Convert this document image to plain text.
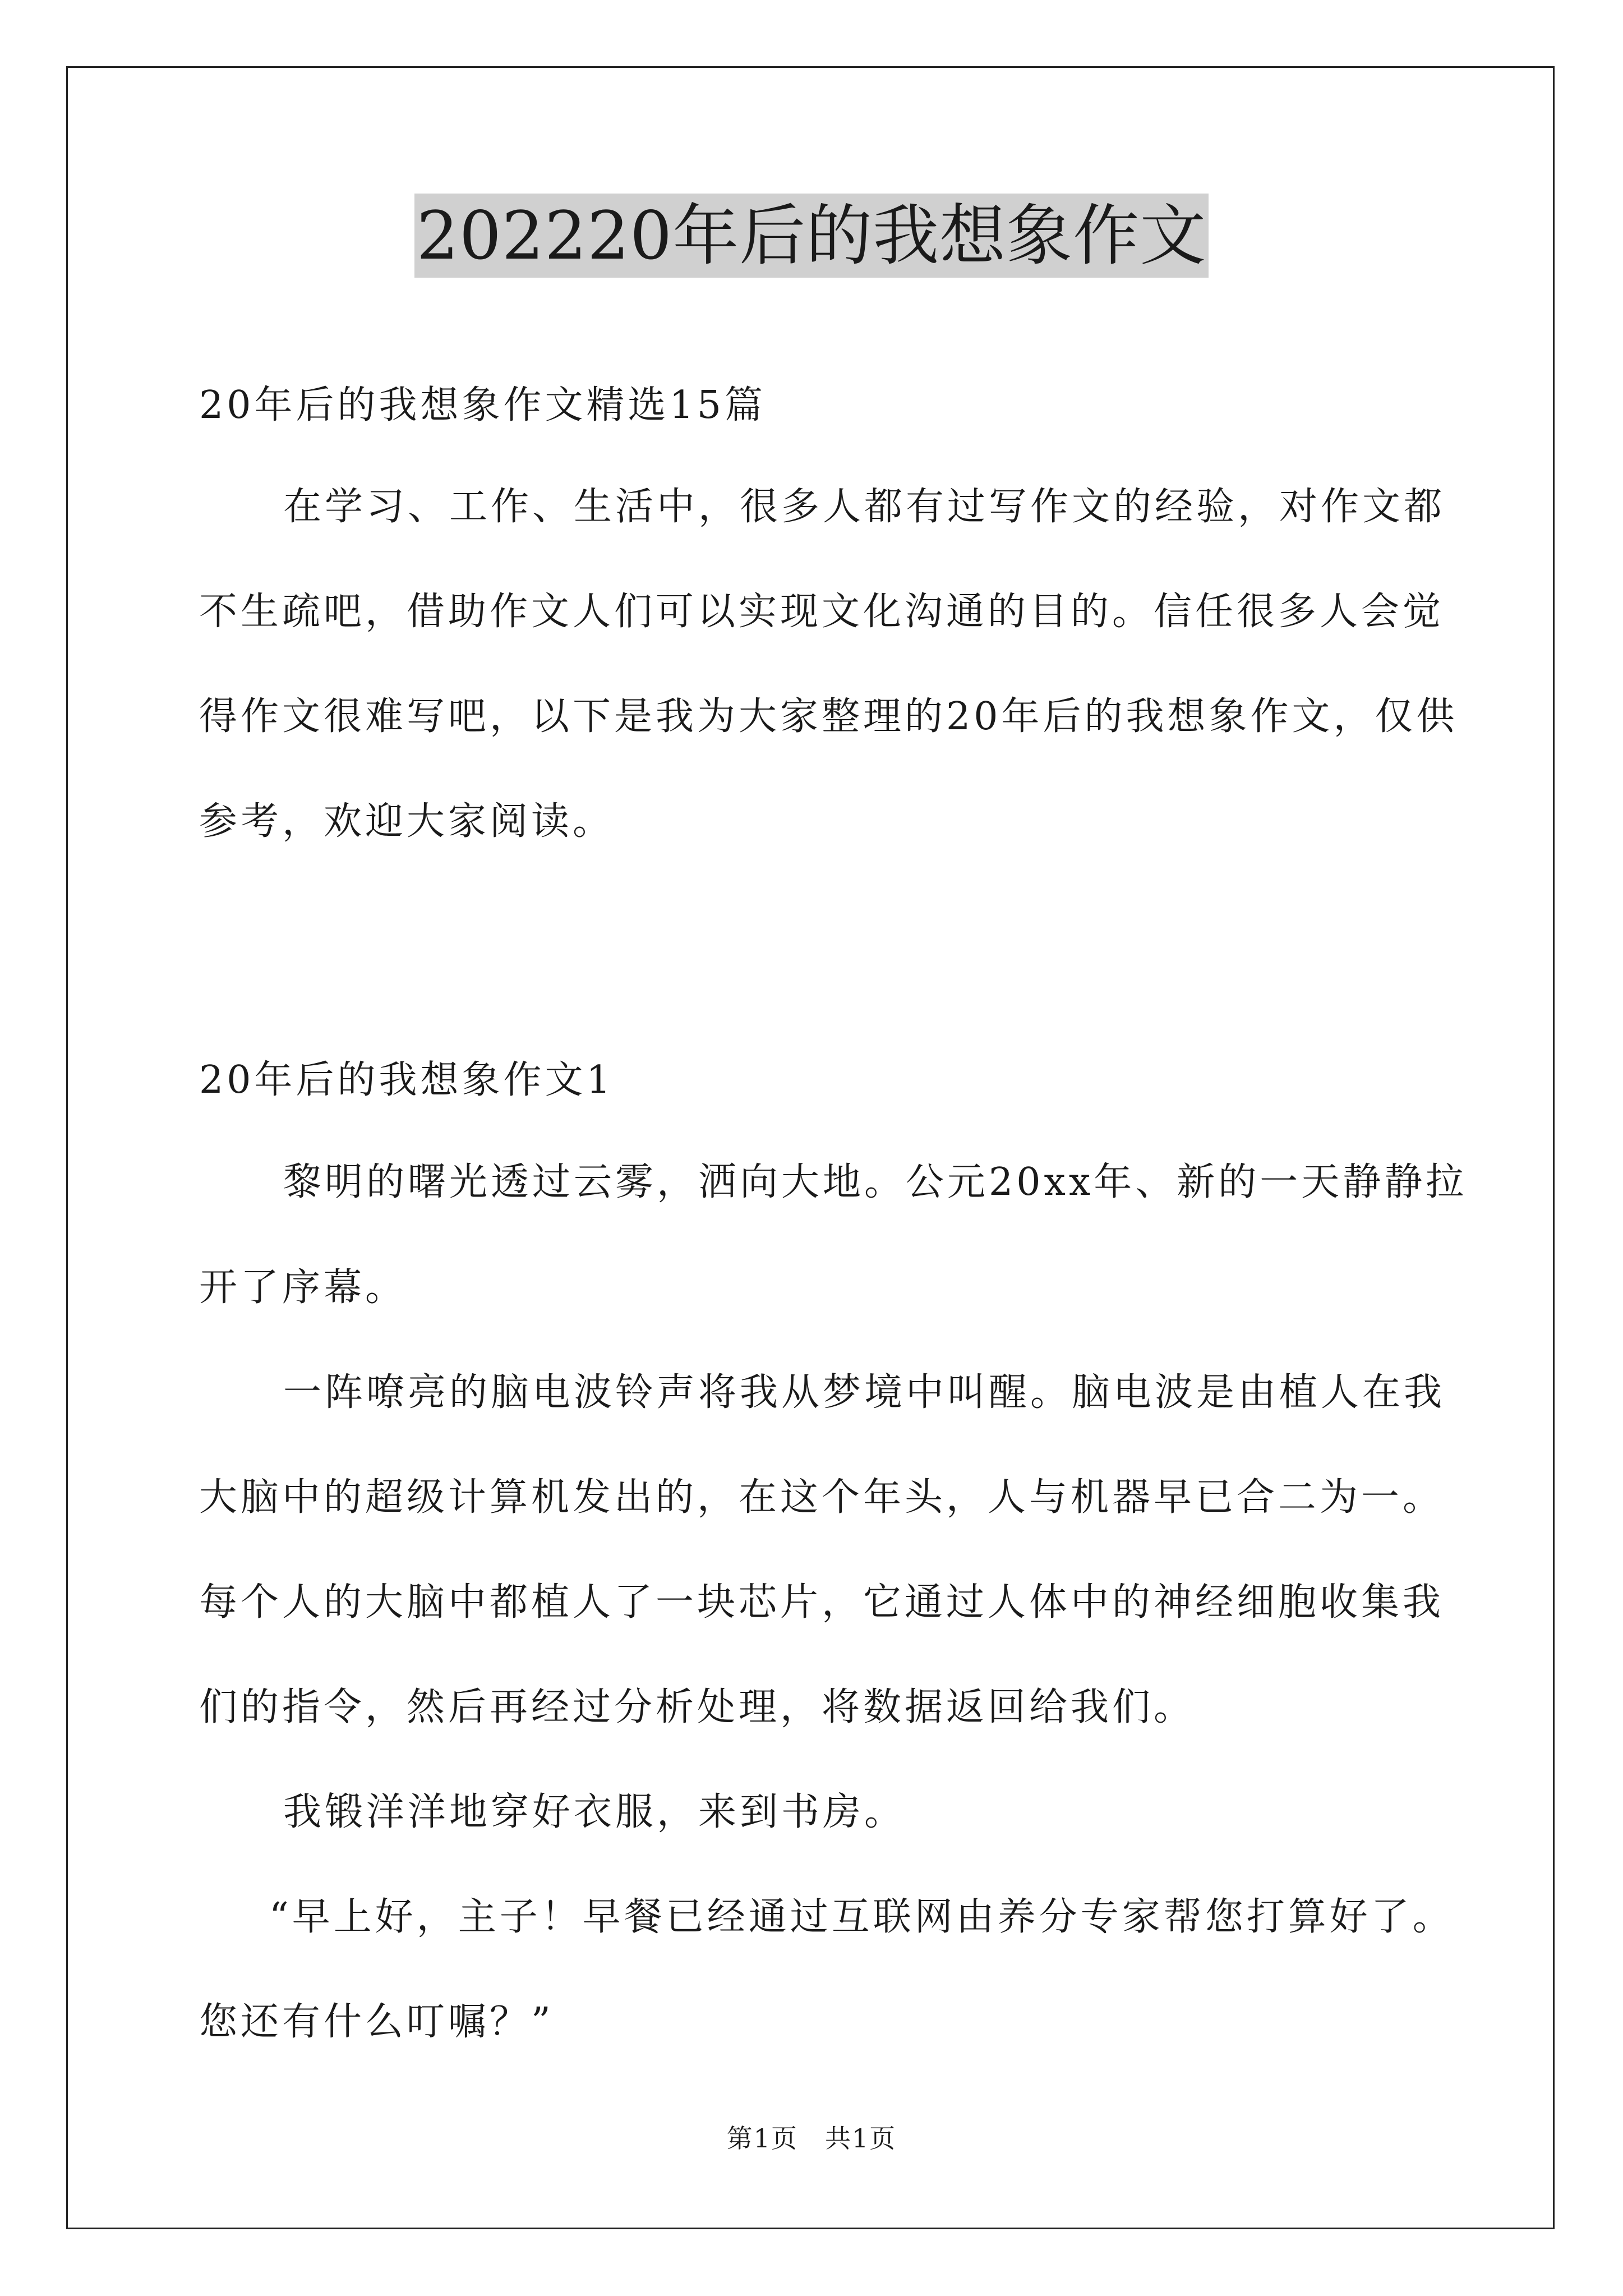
202220年后的我想象作文
20年后的我想象作文精选15篇
在学习、工作、生活中，很多人都有过写作文的经验，对作文都
不生疏吧，借助作文人们可以实现文化沟通的目的。信任很多人会觉
得作文很难写吧，以下是我为大家整理的20年后的我想象作文，仅供
参考，欢迎大家阅读。
20年后的我想象作文1
黎明的曙光透过云雾，洒向大地。公元20xx年、新的一天静静拉
开了序幕。
一阵嘹亮的脑电波铃声将我从梦境中叫醒。脑电波是由植人在我
大脑中的超级计算机发出的，在这个年头，人与机器早已合二为一。
每个人的大脑中都植人了一块芯片，它通过人体中的神经细胞收集我
们的指令，然后再经过分析处理，将数据返回给我们。
我锻洋洋地穿好衣服，来到书房。
“早上好，主子！早餐已经通过互联网由养分专家帮您打算好了。
您还有什么叮嘱？”
第1页　共1页
